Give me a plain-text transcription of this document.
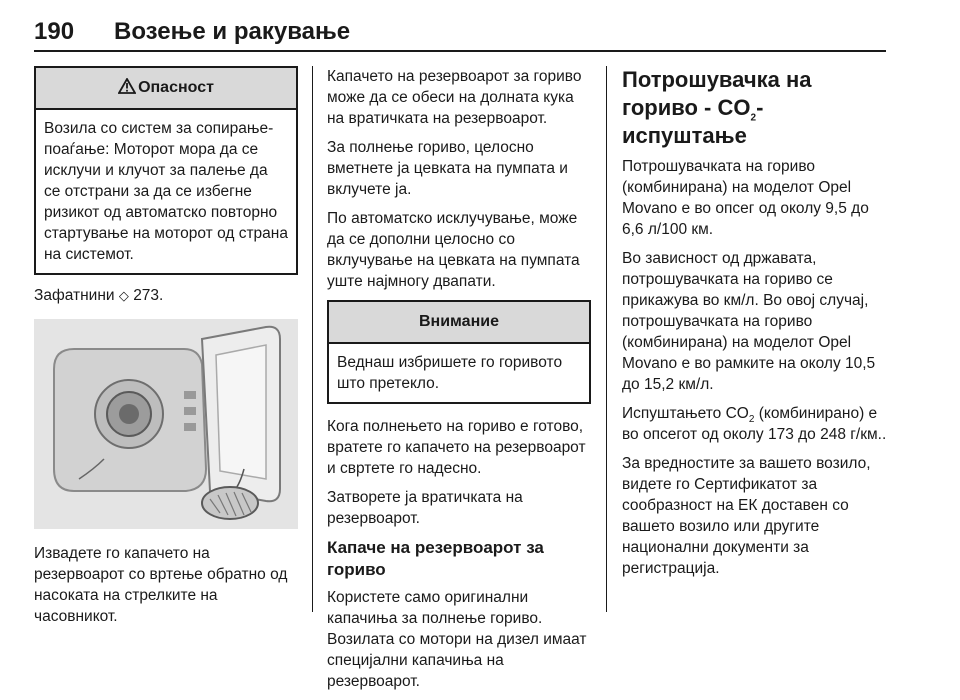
190 Возење и ракување
Опасност
Возила со систем за сопирање-поаѓање: Моторот мора да се исклучи и клучот за палење да се отстрани за да се избегне ризикот од автоматско повторно стартување на моторот од страна на системот.

Зафатнини ◇ 273.

Извадете го капачето на резервоарот со вртење обратно од насоката на стрелките на часовникот.

Капачето на резервоарот за гориво може да се обеси на долната кука на вратичката на резервоарот.

За полнење гориво, целосно вметнете ја цевката на пумпата и вклучете ја.

По автоматско исклучување, може да се дополни целосно со вклучување на цевката на пумпата уште најмногу двапати.

Внимание
Веднаш избришете го горивото што претекло.

Кога полнењето на гориво е готово, вратете го капачето на резервоарот и свртете го надесно.

Затворете ја вратичката на резервоарот.

Капаче на резервоарот за гориво

Користете само оригинални капачиња за полнење гориво. Возилата со мотори на дизел имаат специјални капачиња на резервоарот.

Потрошувачка на гориво - $CO_2$-испуштање

Потрошувачката на гориво (комбинирана) на моделот Opel Movano е во опсег од околу 9,5 до 6,6 л/100 км.

Во зависност од државата, потрошувачката на гориво се прикажува во км/л. Во овој случај, потрошувачката на гориво (комбинирана) на моделот Opel Movano е во рамките на околу 10,5 до 15,2 км/л.

Испуштањето $CO_2$ (комбинирано) е во опсегот од околу 173 до 248 г/км..

За вредностите за вашето возило, видете го Сертификатот за сообразност на ЕК доставен со вашето возило или другите национални документи за регистрација.
